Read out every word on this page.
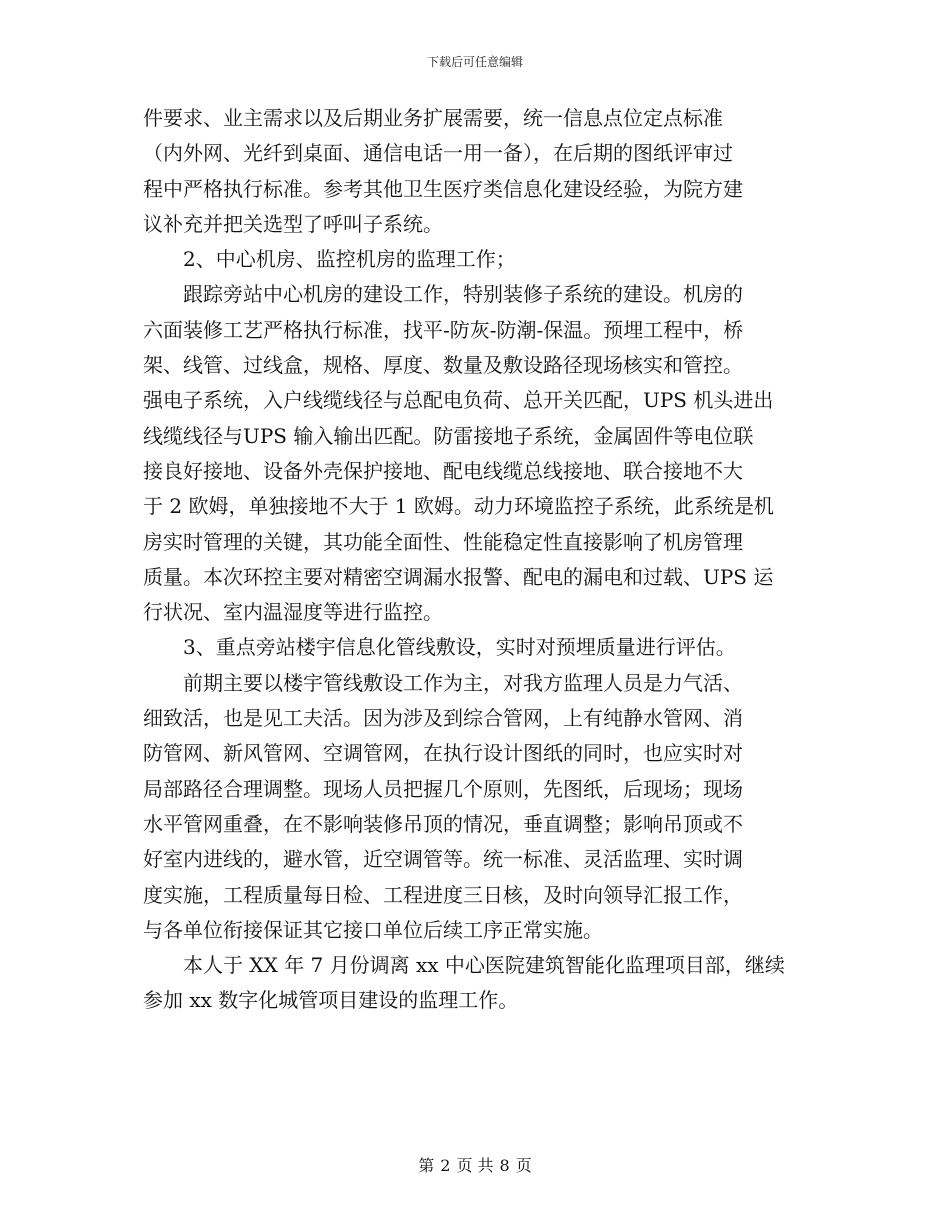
下载后可任意编辑

件要求、业主需求以及后期业务扩展需要，统一信息点位定点标准

（内外网、光纤到桌面、通信电话一用一备），在后期的图纸评审过

程中严格执行标准。参考其他卫生医疗类信息化建设经验，为院方建

议补充并把关选型了呼叫子系统。

　　2、中心机房、监控机房的监理工作；

　　跟踪旁站中心机房的建设工作，特别装修子系统的建设。机房的

六面装修工艺严格执行标准，找平-防灰-防潮-保温。预埋工程中，桥

架、线管、过线盒，规格、厚度、数量及敷设路径现场核实和管控。

强电子系统，入户线缆线径与总配电负荷、总开关匹配，UPS 机头进出

线缆线径与UPS 输入输出匹配。防雷接地子系统，金属固件等电位联

接良好接地、设备外壳保护接地、配电线缆总线接地、联合接地不大

于 2 欧姆，单独接地不大于 1 欧姆。动力环境监控子系统，此系统是机

房实时管理的关键，其功能全面性、性能稳定性直接影响了机房管理

质量。本次环控主要对精密空调漏水报警、配电的漏电和过载、UPS 运

行状况、室内温湿度等进行监控。

　　3、重点旁站楼宇信息化管线敷设，实时对预埋质量进行评估。

　　前期主要以楼宇管线敷设工作为主，对我方监理人员是力气活、

细致活，也是见工夫活。因为涉及到综合管网，上有纯静水管网、消

防管网、新风管网、空调管网，在执行设计图纸的同时，也应实时对

局部路径合理调整。现场人员把握几个原则，先图纸，后现场；现场

水平管网重叠，在不影响装修吊顶的情况，垂直调整；影响吊顶或不

好室内进线的，避水管，近空调管等。统一标准、灵活监理、实时调

度实施，工程质量每日检、工程进度三日核，及时向领导汇报工作，

与各单位衔接保证其它接口单位后续工序正常实施。

　　本人于 XX 年 7 月份调离 xx 中心医院建筑智能化监理项目部，继续

参加 xx 数字化城管项目建设的监理工作。

第 2 页 共 8 页
